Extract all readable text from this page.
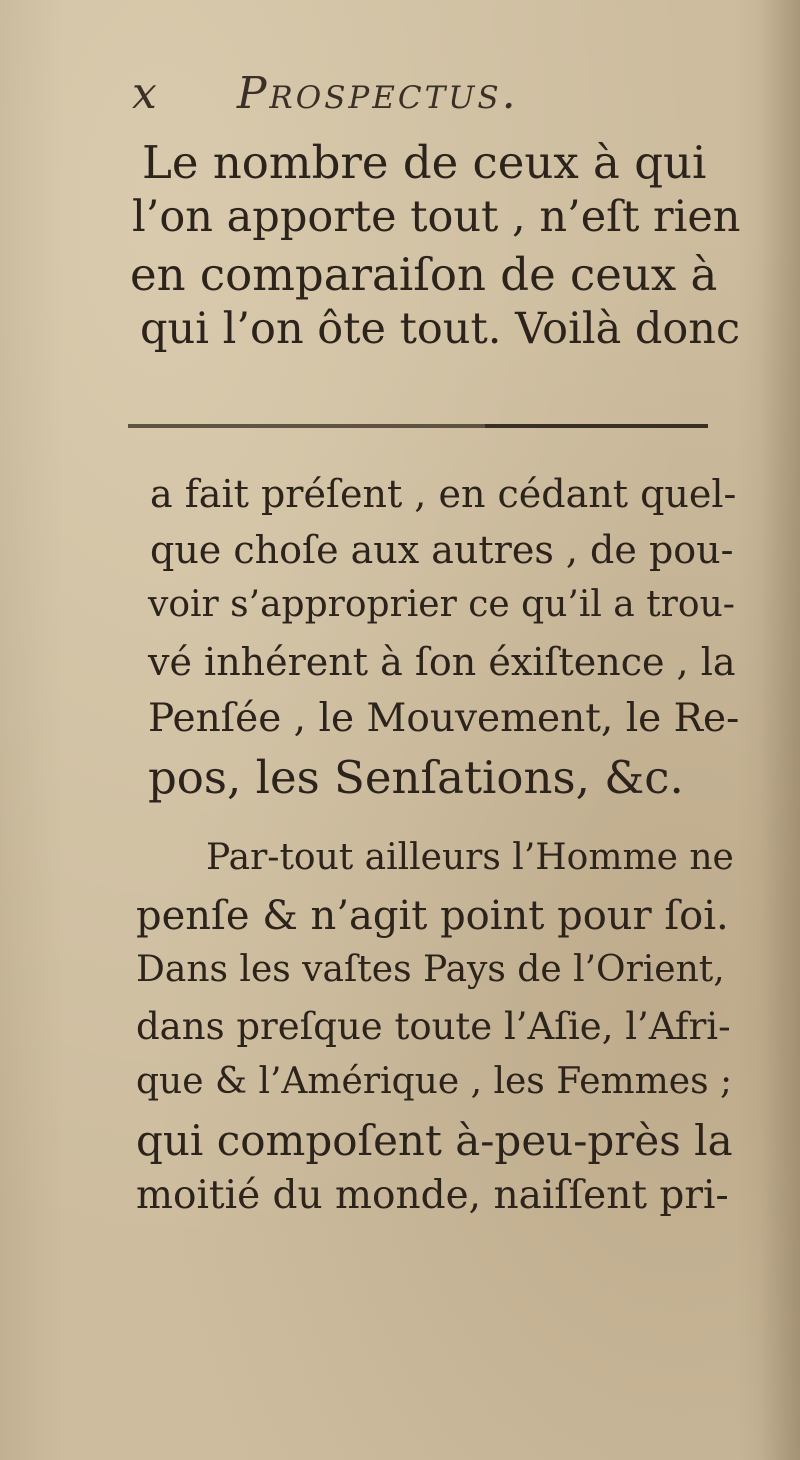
x Prospectus.
Le nombre de ceux à qui
l’on apporte tout , n’eſt rien
en comparaiſon de ceux à
qui l’on ôte tout. Voilà donc
a fait préſent , en cédant quel-
que choſe aux autres , de pou-
voir s’approprier ce qu’il a trou-
vé inhérent à ſon éxiſtence , la
Penſée , le Mouvement, le Re-
pos, les Senſations, &c.
Par-tout ailleurs l’Homme ne
penſe & n’agit point pour ſoi.
Dans les vaſtes Pays de l’Orient,
dans preſque toute l’Aſie, l’Afri-
que & l’Amérique , les Femmes ;
qui compoſent à-peu-près la
moitié du monde, naiſſent pri-
